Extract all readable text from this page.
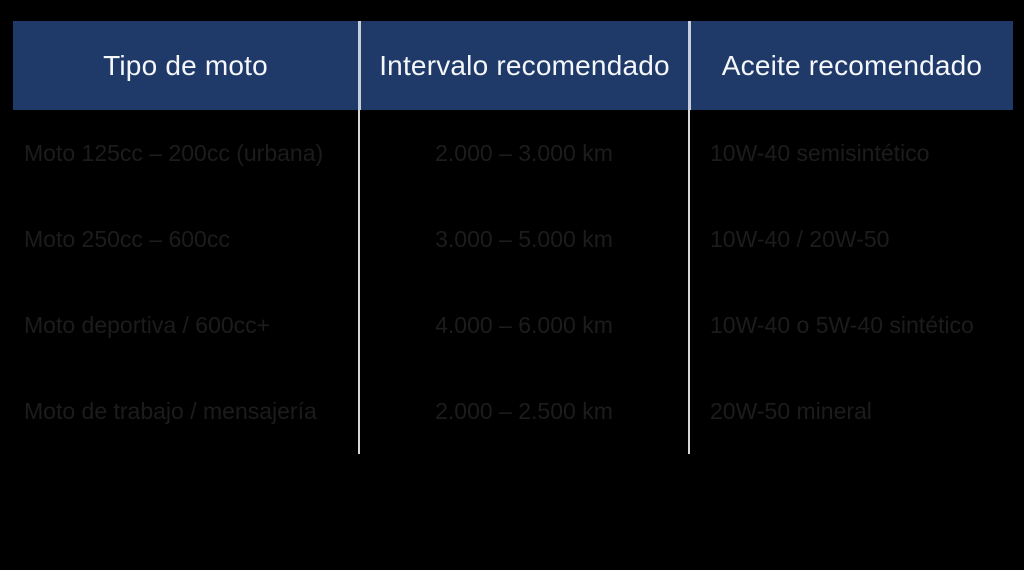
Tipo de moto	Intervalo recomendado	Aceite recomendado
Moto 125cc – 200cc (urbana)	2.000 – 3.000 km	10W-40 semisintético
Moto 250cc – 600cc	3.000 – 5.000 km	10W-40 / 20W-50
Moto deportiva / 600cc+	4.000 – 6.000 km	10W-40 o 5W-40 sintético
Moto de trabajo / mensajería	2.000 – 2.500 km	20W-50 mineral
